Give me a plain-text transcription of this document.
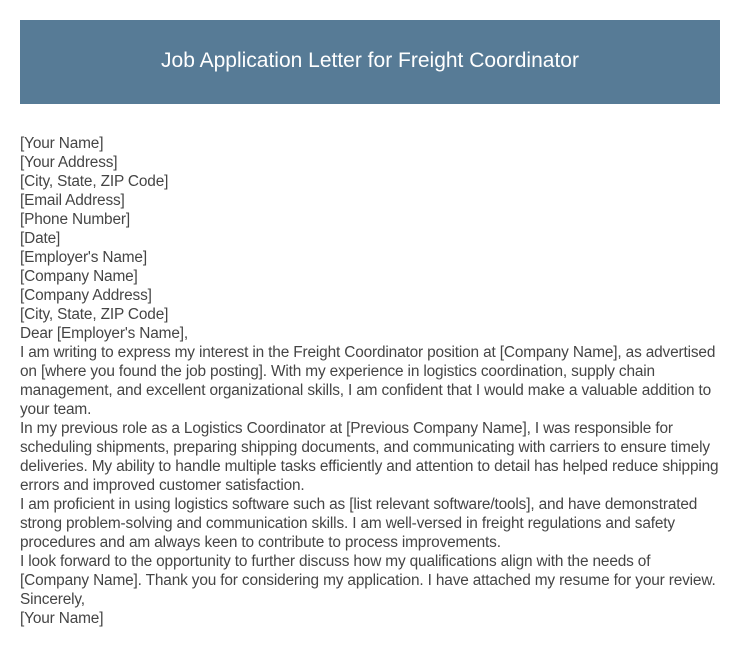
Job Application Letter for Freight Coordinator
[Your Name]
[Your Address]
[City, State, ZIP Code]
[Email Address]
[Phone Number]
[Date]
[Employer's Name]
[Company Name]
[Company Address]
[City, State, ZIP Code]
Dear [Employer's Name],

I am writing to express my interest in the Freight Coordinator position at [Company Name], as advertised on [where you found the job posting]. With my experience in logistics coordination, supply chain management, and excellent organizational skills, I am confident that I would make a valuable addition to your team.

In my previous role as a Logistics Coordinator at [Previous Company Name], I was responsible for scheduling shipments, preparing shipping documents, and communicating with carriers to ensure timely deliveries. My ability to handle multiple tasks efficiently and attention to detail has helped reduce shipping errors and improved customer satisfaction.

I am proficient in using logistics software such as [list relevant software/tools], and have demonstrated strong problem-solving and communication skills. I am well-versed in freight regulations and safety procedures and am always keen to contribute to process improvements.

I look forward to the opportunity to further discuss how my qualifications align with the needs of [Company Name]. Thank you for considering my application. I have attached my resume for your review.

Sincerely,
[Your Name]
